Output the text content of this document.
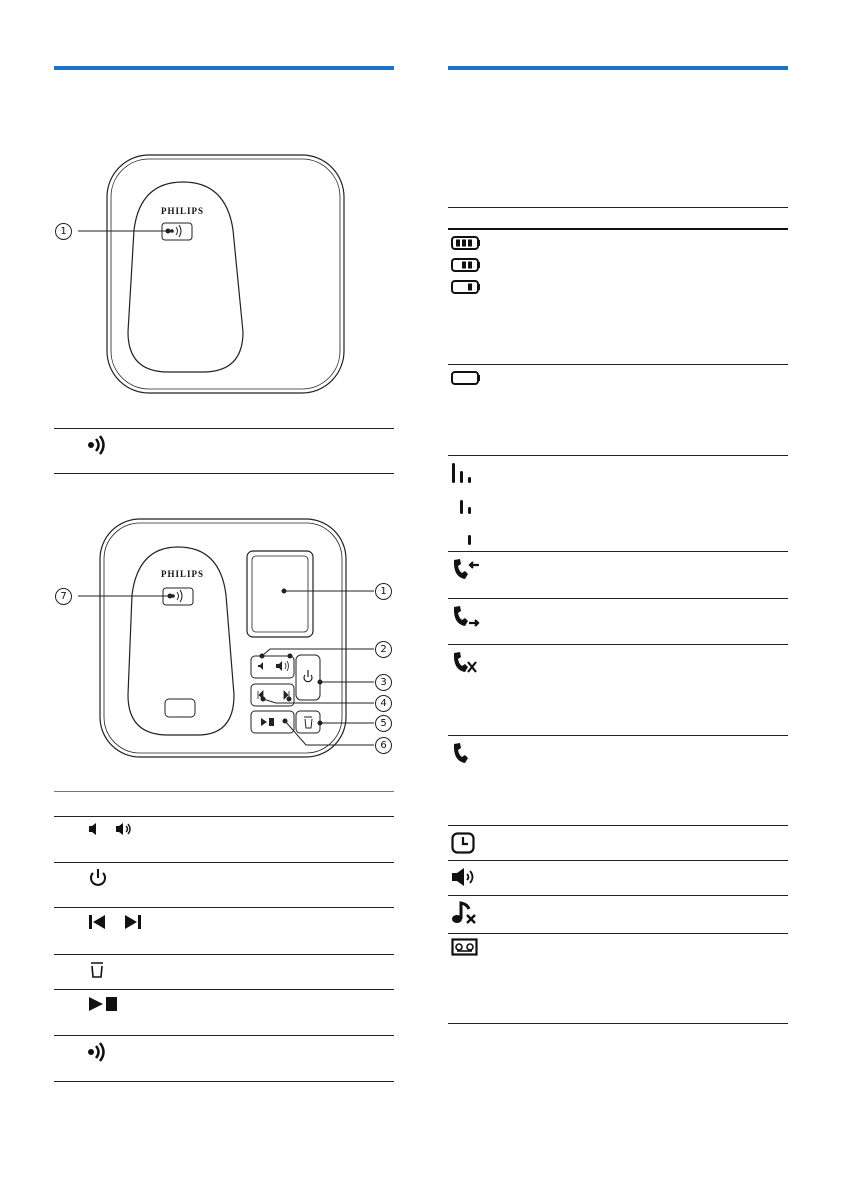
PHILIPS
1
PHILIPS
1
2
3
4
5
6
7
